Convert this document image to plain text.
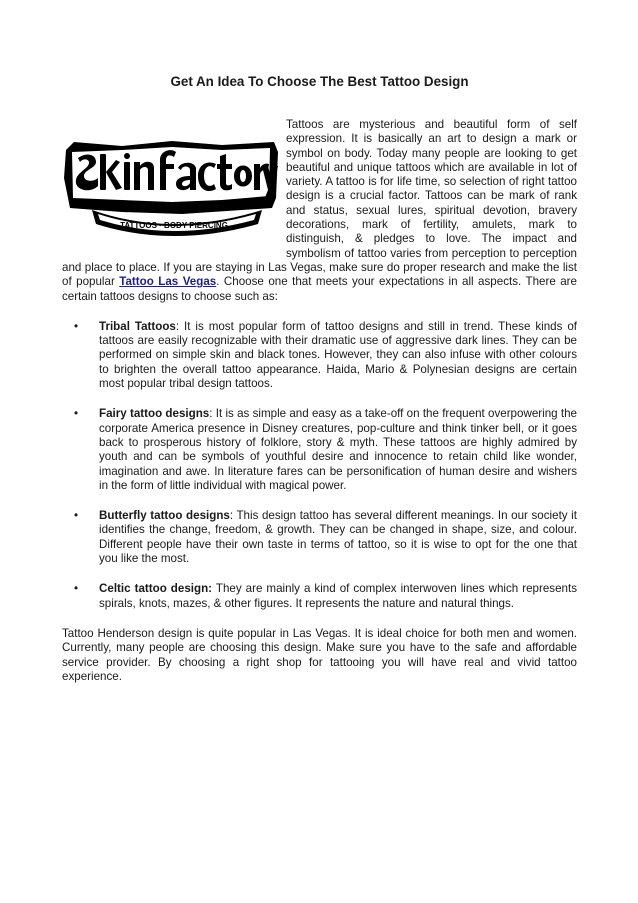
Get An Idea To Choose The Best Tattoo Design
TATTOOS · BODY PIERCING

Tattoos are mysterious and beautiful form of self expression. It is basically an art to design a mark or symbol on body. Today many people are looking to get beautiful and unique tattoos which are available in lot of variety. A tattoo is for life time, so selection of right tattoo design is a crucial factor. Tattoos can be mark of rank and status, sexual lures, spiritual devotion, bravery decorations, mark of fertility, amulets, mark to distinguish, & pledges to love. The impact and symbolism of tattoo varies from perception to perception and place to place. If you are staying in Las Vegas, make sure do proper research and make the list of popular Tattoo Las Vegas. Choose one that meets your expectations in all aspects. There are certain tattoos designs to choose such as:

• Tribal Tattoos: It is most popular form of tattoo designs and still in trend. These kinds of tattoos are easily recognizable with their dramatic use of aggressive dark lines. They can be performed on simple skin and black tones. However, they can also infuse with other colours to brighten the overall tattoo appearance. Haida, Mario & Polynesian designs are certain most popular tribal design tattoos.
• Fairy tattoo designs: It is as simple and easy as a take-off on the frequent overpowering the corporate America presence in Disney creatures, pop-culture and think tinker bell, or it goes back to prosperous history of folklore, story & myth. These tattoos are highly admired by youth and can be symbols of youthful desire and innocence to retain child like wonder, imagination and awe. In literature fares can be personification of human desire and wishers in the form of little individual with magical power.
• Butterfly tattoo designs: This design tattoo has several different meanings. In our society it identifies the change, freedom, & growth. They can be changed in shape, size, and colour. Different people have their own taste in terms of tattoo, so it is wise to opt for the one that you like the most.
• Celtic tattoo design: They are mainly a kind of complex interwoven lines which represents spirals, knots, mazes, & other figures. It represents the nature and natural things.

Tattoo Henderson design is quite popular in Las Vegas. It is ideal choice for both men and women. Currently, many people are choosing this design. Make sure you have to the safe and affordable service provider. By choosing a right shop for tattooing you will have real and vivid tattoo experience.
